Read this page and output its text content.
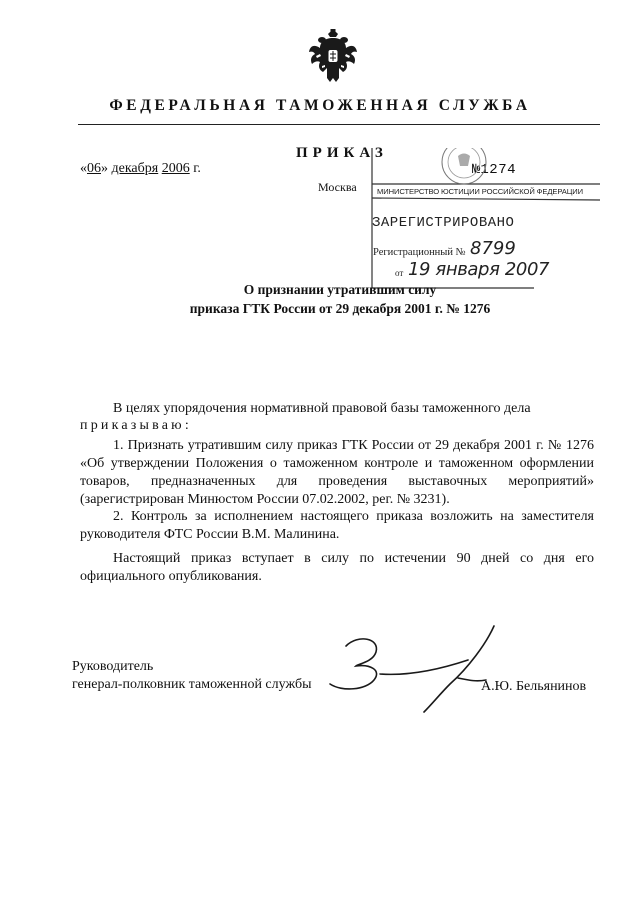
ФЕДЕРАЛЬНАЯ ТАМОЖЕННАЯ СЛУЖБА
ПРИКАЗ
«06» декабря 2006 г.	№1274
Москва	МИНИСТЕРСТВО ЮСТИЦИИ РОССИЙСКОЙ ФЕДЕРАЦИИ
ЗАРЕГИСТРИРОВАНО
Регистрационный № 8799
от 19 января 2007
О признании утратившим силу
приказа ГТК России от 29 декабря 2001 г. № 1276
В целях упорядочения нормативной правовой базы таможенного дела
приказываю:
1. Признать утратившим силу приказ ГТК России от 29 декабря 2001 г. № 1276 «Об утверждении Положения о таможенном контроле и таможенном оформлении товаров, предназначенных для проведения выставочных мероприятий» (зарегистрирован Минюстом России 07.02.2002, рег. № 3231).
2. Контроль за исполнением настоящего приказа возложить на заместителя руководителя ФТС России В.М. Малинина.
Настоящий приказ вступает в силу по истечении 90 дней со дня его официального опубликования.
Руководитель
генерал-полковник таможенной службы	А.Ю. Бельянинов
